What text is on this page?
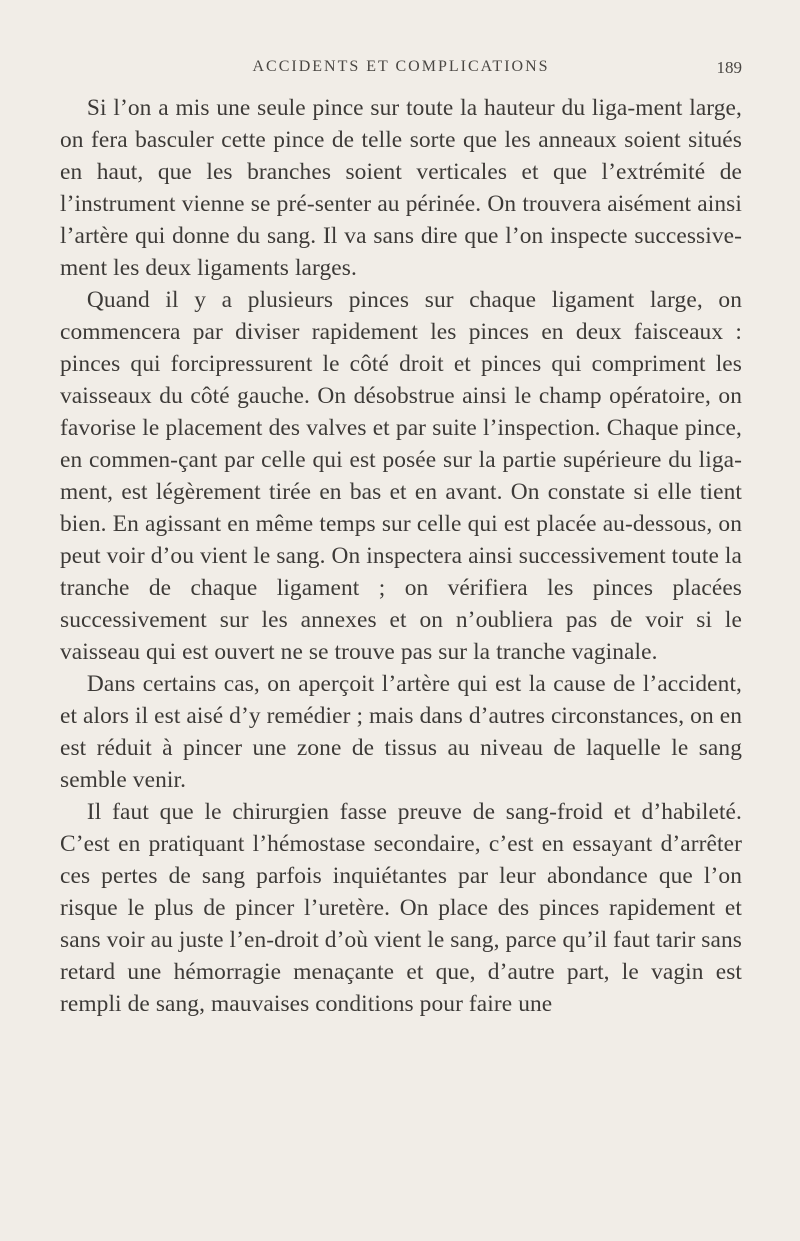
ACCIDENTS ET COMPLICATIONS	189

Si l’on a mis une seule pince sur toute la hauteur du liga-ment large, on fera basculer cette pince de telle sorte que les anneaux soient situés en haut, que les branches soient verticales et que l’extrémité de l’instrument vienne se pré-senter au périnée. On trouvera aisément ainsi l’artère qui donne du sang. Il va sans dire que l’on inspecte successive-ment les deux ligaments larges.

Quand il y a plusieurs pinces sur chaque ligament large, on commencera par diviser rapidement les pinces en deux faisceaux : pinces qui forcipressurent le côté droit et pinces qui compriment les vaisseaux du côté gauche. On désobstrue ainsi le champ opératoire, on favorise le placement des valves et par suite l’inspection. Chaque pince, en commen-çant par celle qui est posée sur la partie supérieure du liga-ment, est légèrement tirée en bas et en avant. On constate si elle tient bien. En agissant en même temps sur celle qui est placée au-dessous, on peut voir d’ou vient le sang. On inspectera ainsi successivement toute la tranche de chaque ligament ; on vérifiera les pinces placées successivement sur les annexes et on n’oubliera pas de voir si le vaisseau qui est ouvert ne se trouve pas sur la tranche vaginale.

Dans certains cas, on aperçoit l’artère qui est la cause de l’accident, et alors il est aisé d’y remédier ; mais dans d’autres circonstances, on en est réduit à pincer une zone de tissus au niveau de laquelle le sang semble venir.

Il faut que le chirurgien fasse preuve de sang-froid et d’habileté. C’est en pratiquant l’hémostase secondaire, c’est en essayant d’arrêter ces pertes de sang parfois inquiétantes par leur abondance que l’on risque le plus de pincer l’uretère. On place des pinces rapidement et sans voir au juste l’en-droit d’où vient le sang, parce qu’il faut tarir sans retard une hémorragie menaçante et que, d’autre part, le vagin est rempli de sang, mauvaises conditions pour faire une
